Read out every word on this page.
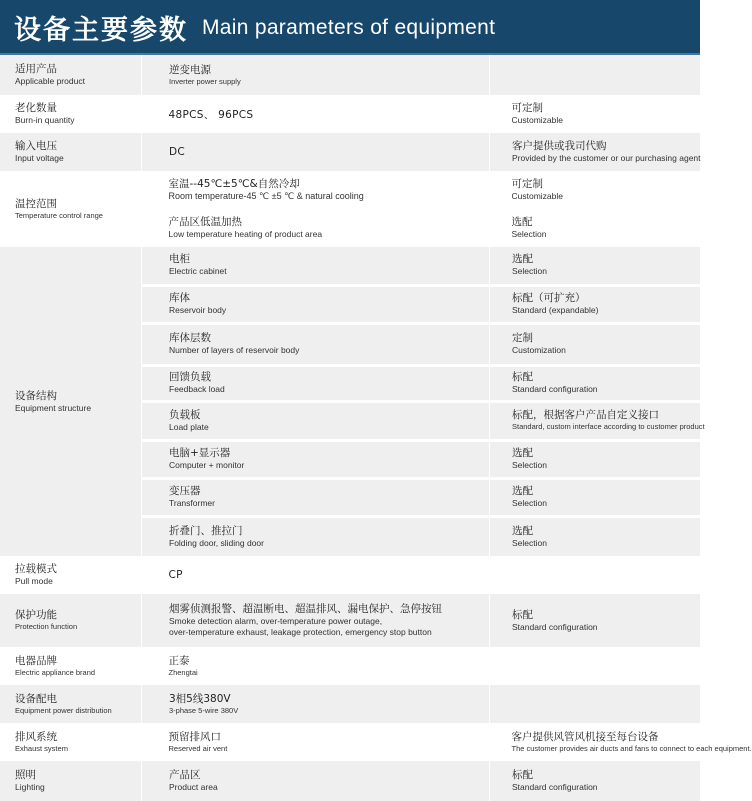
设备主要参数 Main parameters of equipment
适用产品
Applicable product	逆变电源
Inverter power supply	

老化数量
Burn-in quantity	48PCS、 96PCS	可定制
Customizable

输入电压
Input voltage	DC	客户提供或我司代购
Provided by the customer or our purchasing agent

温控范围
Temperature control range	室温--45℃±5℃&自然冷却
Room temperature-45 ℃ ±5 ℃ & natural cooling	可定制
Customizable

	产品区低温加热
Low temperature heating of product area	选配
Selection

设备结构
Equipment structure	电柜
Electric cabinet	选配
Selection

	库体
Reservoir body	标配（可扩充）
Standard (expandable)

	库体层数
Number of layers of reservoir body	定制
Customization

	回馈负载
Feedback load	标配
Standard configuration

	负载板
Load plate	标配，根据客户产品自定义接口
Standard, custom interface according to customer product

	电脑+显示器
Computer + monitor	选配
Selection

	变压器
Transformer	选配
Selection

	折叠门、推拉门
Folding door, sliding door	选配
Selection

拉载模式
Pull mode	CP	

保护功能
Protection function	烟雾侦测报警、超温断电、超温排风、漏电保护、急停按钮
Smoke detection alarm, over-temperature power outage,
over-temperature exhaust, leakage protection, emergency stop button	标配
Standard configuration

电器品牌
Electric appliance brand	正泰
Zhengtai	

设备配电
Equipment power distribution	3相5线380V
3-phase 5-wire 380V	

排风系统
Exhaust system	预留排风口
Reserved air vent	客户提供风管风机接至每台设备
The customer provides air ducts and fans to connect to each equipment.

照明
Lighting	产品区
Product area	标配
Standard configuration
